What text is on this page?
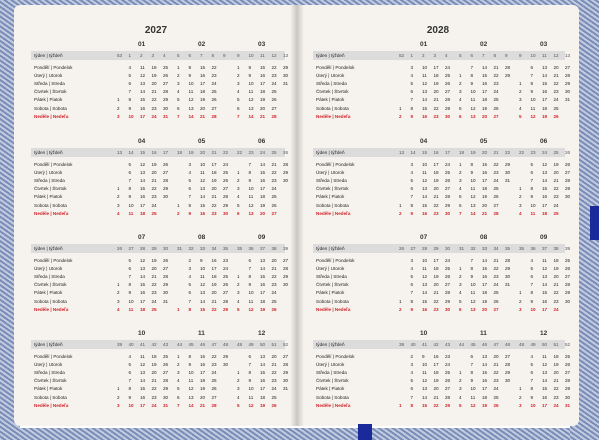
2027
týden | týždeň
Pondělí | Pondelok
Úterý | Utorok
Středa | Streda
Čtvrtek | Štvrtok
Pátek | Piatok
Sobota | Sobota
Neděle | Nedeľa
01
53 1 2 3 4
4 11 18 25
5 12 19 26
6 13 20 27
7 14 21 28
1 8 15 22 29
2 9 16 23 30
3 10 17 24 31
02
5 6 7 8 9
1 8 15 22
2 9 16 23
3 10 17 24
4 11 18 25
5 12 19 26
6 13 20 27
7 14 21 28
03
9 10 11 12 13
1 8 15 22 29
2 9 16 23 30
3 10 17 24 31
4 11 18 25
5 12 19 26
6 13 20 27
7 14 21 28
týden | týždeň
Pondělí | Pondelok
Úterý | Utorok
Středa | Streda
Čtvrtek | Štvrtok
Pátek | Piatok
Sobota | Sobota
Neděle | Nedeľa
04
13 14 15 16 17
5 12 19 26
6 13 20 27
7 14 21 28
1 8 15 22 29
2 9 16 23 30
3 10 17 24
4 11 18 25
05
18 19 20 21 22
3 10 17 24
4 11 18 25
5 12 19 26
6 13 20 27
7 14 21 28
1 8 15 22 29
2 9 16 23 30
06
22 23 24 25 26
7 14 21 28
1 8 15 22 29
2 9 16 23 30
3 10 17 24
4 11 18 25
5 12 19 26
6 13 20 27
týden | týždeň
Pondělí | Pondelok
Úterý | Utorok
Středa | Streda
Čtvrtek | Štvrtok
Pátek | Piatok
Sobota | Sobota
Neděle | Nedeľa
07
26 27 28 29 30
5 12 19 26
6 13 20 27
7 14 21 28
1 8 15 22 29
2 9 16 23 30
3 10 17 24 31
4 11 18 25
08
31 32 33 34 35
2 9 16 23
3 10 17 24
4 11 18 25
5 12 19 26
6 13 20 27
7 14 21 28
1 8 15 22 29
09
35 36 37 38 39
6 13 20 27
7 14 21 28
1 8 15 22 29
2 9 16 23 30
3 10 17 24
4 11 18 25
5 12 19 26
týden | týždeň
Pondělí | Pondelok
Úterý | Utorok
Středa | Streda
Čtvrtek | Štvrtok
Pátek | Piatok
Sobota | Sobota
Neděle | Nedeľa
10
39 40 41 42 43
4 11 18 25
5 12 19 26
6 13 20 27
7 14 21 28
1 8 15 22 29
2 9 16 23 30
3 10 17 24 31
11
44 45 46 47 48
1 8 15 22 29
2 9 16 23 30
3 10 17 24
4 11 18 25
5 12 19 26
6 13 20 27
7 14 21 28
12
48 49 50 51 52
6 13 20 27
7 14 21 28
1 8 15 22 29
2 9 16 23 30
3 10 17 24 31
4 11 18 25
5 12 19 26
2028
týden | týždeň
Pondělí | Pondelok
Úterý | Utorok
Středa | Streda
Čtvrtek | Štvrtok
Pátek | Piatok
Sobota | Sobota
Neděle | Nedeľa
01
52 1 2 3 4
3 10 17 24
4 11 18 25
5 12 19 26
6 13 20 27
7 14 21 28
1 8 15 22 29
2 9 16 23 30
02
5 6 7 8 9
7 14 21 28
1 8 15 22 29
2 9 16 23
3 10 17 24
4 11 18 25
5 12 19 26
6 13 20 27
03
9 10 11 12 13
6 13 20 27
7 14 21 28
1 8 15 22 29
2 9 16 23 30
3 10 17 24 31
4 11 18 25
5 12 19 26
týden | týždeň
Pondělí | Pondelok
Úterý | Utorok
Středa | Streda
Čtvrtek | Štvrtok
Pátek | Piatok
Sobota | Sobota
Neděle | Nedeľa
04
13 14 15 16 17
3 10 17 24
4 11 18 25
5 12 19 26
6 13 20 27
7 14 21 28
1 8 15 22 29
2 9 16 23 30
05
18 19 20 21 22
1 8 15 22 29
2 9 16 23 30
3 10 17 24 31
4 11 18 25
5 12 19 26
6 13 20 27
7 14 21 28
06
22 23 24 25 26
5 12 19 26
6 13 20 27
7 14 21 28
1 8 15 22 29
2 9 16 23 30
3 10 17 24
4 11 18 25
týden | týždeň
Pondělí | Pondelok
Úterý | Utorok
Středa | Streda
Čtvrtek | Štvrtok
Pátek | Piatok
Sobota | Sobota
Neděle | Nedeľa
07
26 27 28 29 30
3 10 17 24
4 11 18 25
5 12 19 26
6 13 20 27
7 14 21 28
1 8 15 22 29
2 9 16 23 30
08
31 32 33 34 35
7 14 21 28
1 8 15 22 29
2 9 16 23 30
3 10 17 24 31
4 11 18 25
5 12 19 26
6 13 20 27
09
35 36 37 38 39
4 11 18 25
5 12 19 26
6 13 20 27
7 14 21 28
1 8 15 22 29
2 9 16 23 30
3 10 17 24
týden | týždeň
Pondělí | Pondelok
Úterý | Utorok
Středa | Streda
Čtvrtek | Štvrtok
Pátek | Piatok
Sobota | Sobota
Neděle | Nedeľa
10
39 40 41 42 43
2 9 16 23
3 10 17 24
4 11 18 25
5 12 19 26
6 13 20 27
7 14 21 28
1 8 15 22 29
11
44 45 46 47 48
6 13 20 27
7 14 21 28
1 8 15 22 29
2 9 16 23 30
3 10 17 24
4 11 18 25
5 12 19 26
12
48 49 50 51 52
4 11 18 25
5 12 19 26
6 13 20 27
7 14 21 28
1 8 15 22 29
2 9 16 23 30
3 10 17 24 31
